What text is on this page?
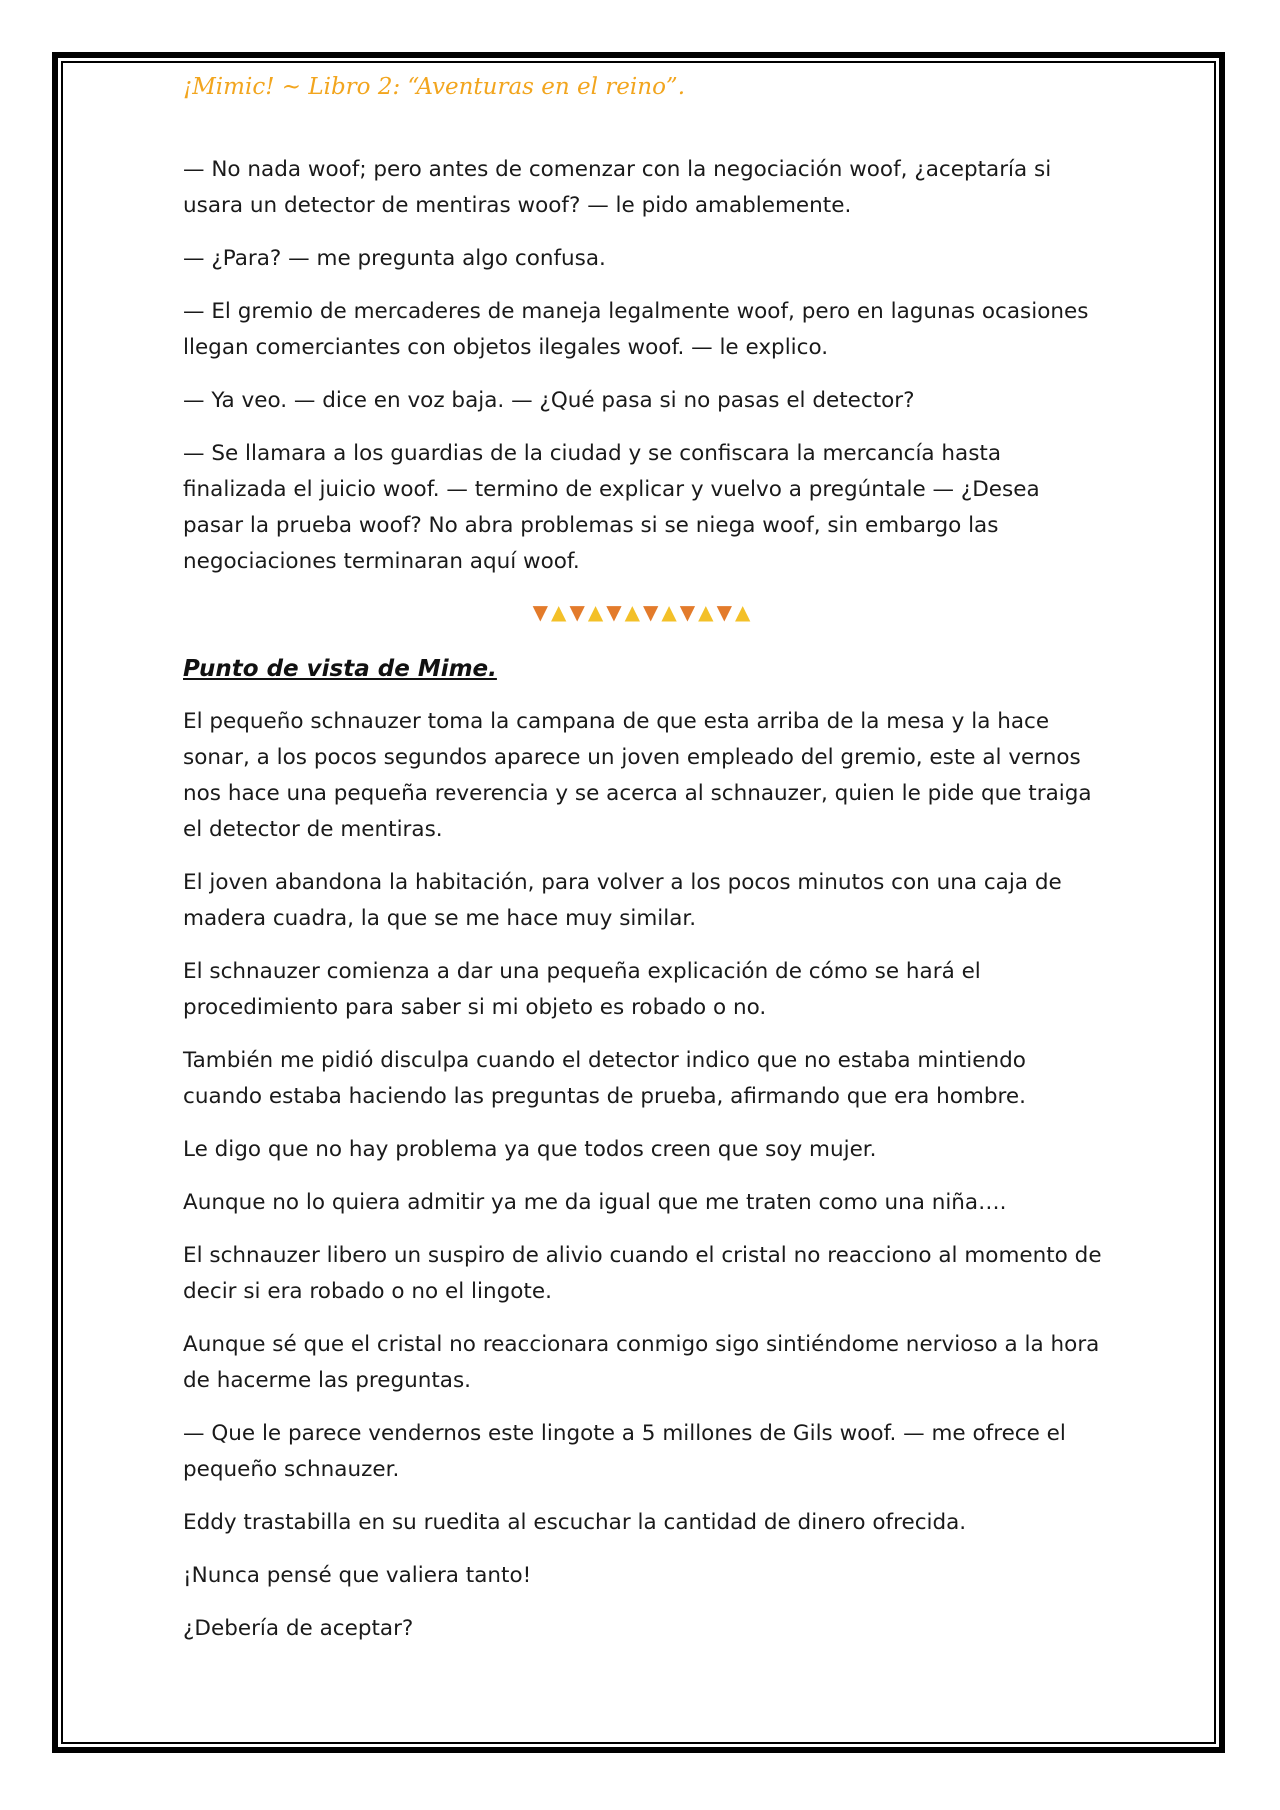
¡Mimic! ~ Libro 2: “Aventuras en el reino”.

— No nada woof; pero antes de comenzar con la negociación woof, ¿aceptaría si usara un detector de mentiras woof? — le pido amablemente.

— ¿Para? — me pregunta algo confusa.

— El gremio de mercaderes de maneja legalmente woof, pero en lagunas ocasiones llegan comerciantes con objetos ilegales woof. — le explico.

— Ya veo. — dice en voz baja. — ¿Qué pasa si no pasas el detector?

— Se llamara a los guardias de la ciudad y se confiscara la mercancía hasta finalizada el juicio woof. — termino de explicar y vuelvo a pregúntale — ¿Desea pasar la prueba woof? No abra problemas si se niega woof, sin embargo las negociaciones terminaran aquí woof.

▼▲▼▲▼▲▼▲▼▲▼▲
Punto de vista de Mime.

El pequeño schnauzer toma la campana de que esta arriba de la mesa y la hace sonar, a los pocos segundos aparece un joven empleado del gremio, este al vernos nos hace una pequeña reverencia y se acerca al schnauzer, quien le pide que traiga el detector de mentiras.

El joven abandona la habitación, para volver a los pocos minutos con una caja de madera cuadra, la que se me hace muy similar.

El schnauzer comienza a dar una pequeña explicación de cómo se hará el procedimiento para saber si mi objeto es robado o no.

También me pidió disculpa cuando el detector indico que no estaba mintiendo cuando estaba haciendo las preguntas de prueba, afirmando que era hombre.

Le digo que no hay problema ya que todos creen que soy mujer.

Aunque no lo quiera admitir ya me da igual que me traten como una niña….

El schnauzer libero un suspiro de alivio cuando el cristal no reacciono al momento de decir si era robado o no el lingote.

Aunque sé que el cristal no reaccionara conmigo sigo sintiéndome nervioso a la hora de hacerme las preguntas.

— Que le parece vendernos este lingote a 5 millones de Gils woof. — me ofrece el pequeño schnauzer.

Eddy trastabilla en su ruedita al escuchar la cantidad de dinero ofrecida.

¡Nunca pensé que valiera tanto!

¿Debería de aceptar?
